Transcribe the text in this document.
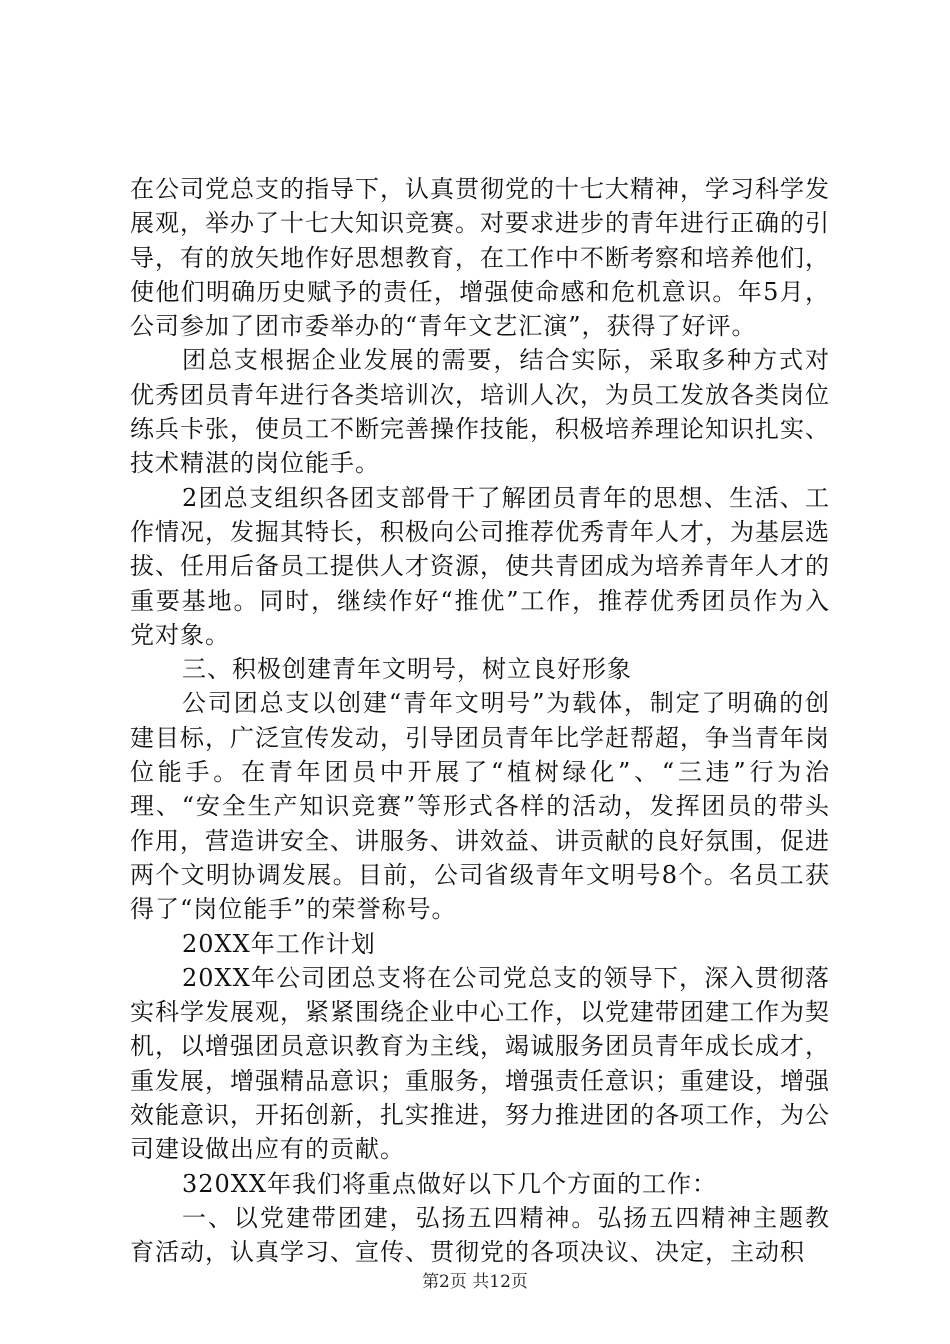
在公司党总支的指导下，认真贯彻党的十七大精神，学习科学发展观，举办了十七大知识竞赛。对要求进步的青年进行正确的引导，有的放矢地作好思想教育，在工作中不断考察和培养他们，使他们明确历史赋予的责任，增强使命感和危机意识。年5月，公司参加了团市委举办的“青年文艺汇演”，获得了好评。

团总支根据企业发展的需要，结合实际，采取多种方式对优秀团员青年进行各类培训次，培训人次，为员工发放各类岗位练兵卡张，使员工不断完善操作技能，积极培养理论知识扎实、技术精湛的岗位能手。

2团总支组织各团支部骨干了解团员青年的思想、生活、工作情况，发掘其特长，积极向公司推荐优秀青年人才，为基层选拔、任用后备员工提供人才资源，使共青团成为培养青年人才的重要基地。同时，继续作好“推优”工作，推荐优秀团员作为入党对象。

三、积极创建青年文明号，树立良好形象

公司团总支以创建“青年文明号”为载体，制定了明确的创建目标，广泛宣传发动，引导团员青年比学赶帮超，争当青年岗位能手。在青年团员中开展了“植树绿化”、“三违”行为治理、“安全生产知识竞赛”等形式各样的活动，发挥团员的带头作用，营造讲安全、讲服务、讲效益、讲贡献的良好氛围，促进两个文明协调发展。目前，公司省级青年文明号8个。名员工获得了“岗位能手”的荣誉称号。

20XX年工作计划

20XX年公司团总支将在公司党总支的领导下，深入贯彻落实科学发展观，紧紧围绕企业中心工作，以党建带团建工作为契机，以增强团员意识教育为主线，竭诚服务团员青年成长成才，重发展，增强精品意识；重服务，增强责任意识；重建设，增强效能意识，开拓创新，扎实推进，努力推进团的各项工作，为公司建设做出应有的贡献。

320XX年我们将重点做好以下几个方面的工作：

一、以党建带团建，弘扬五四精神。弘扬五四精神主题教育活动，认真学习、宣传、贯彻党的各项决议、决定，主动积

第2页 共12页
